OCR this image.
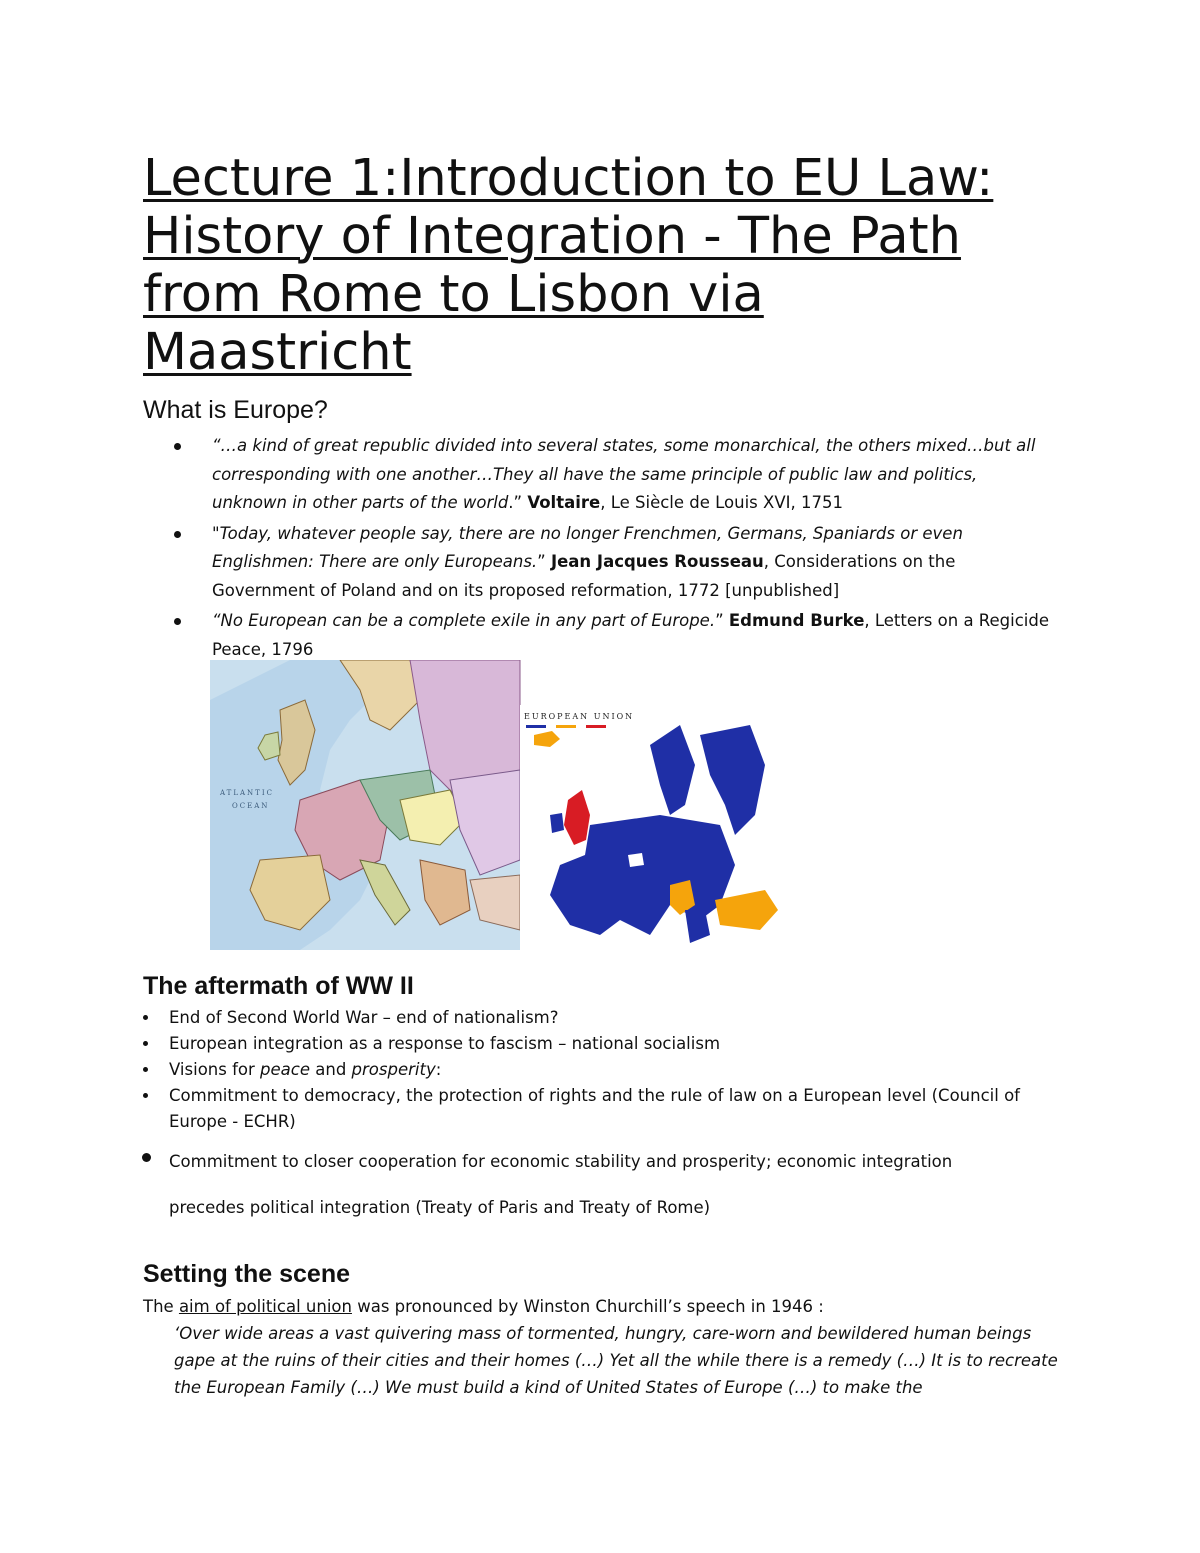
Lecture 1:Introduction to EU Law:
History of Integration - The Path
from Rome to Lisbon via
Maastricht
What is Europe?
“…a kind of great republic divided into several states, some monarchical, the others mixed…but all corresponding with one another…They all have the same principle of public law and politics, unknown in other parts of the world.” Voltaire, Le Siècle de Louis XVI, 1751
"Today, whatever people say, there are no longer Frenchmen, Germans, Spaniards or even Englishmen: There are only Europeans.” Jean Jacques Rousseau, Considerations on the Government of Poland and on its proposed reformation, 1772 [unpublished]
“No European can be a complete exile in any part of Europe.” Edmund Burke, Letters on a Regicide Peace, 1796
ATLANTIC
OCEAN
EUROPEAN UNION
The aftermath of WW II
End of Second World War – end of nationalism?
European integration as a response to fascism – national socialism
Visions for peace and prosperity:
Commitment to democracy, the protection of rights and the rule of law on a European level (Council of Europe - ECHR)
Commitment to closer cooperation for economic stability and prosperity; economic integration
precedes political integration (Treaty of Paris and Treaty of Rome)
Setting the scene

The aim of political union was pronounced by Winston Churchill’s speech in 1946 :

‘Over wide areas a vast quivering mass of tormented, hungry, care-worn and bewildered human beings gape at the ruins of their cities and their homes (…) Yet all the while there is a remedy (…) It is to recreate the European Family (…) We must build a kind of United States of Europe (…) to make the
